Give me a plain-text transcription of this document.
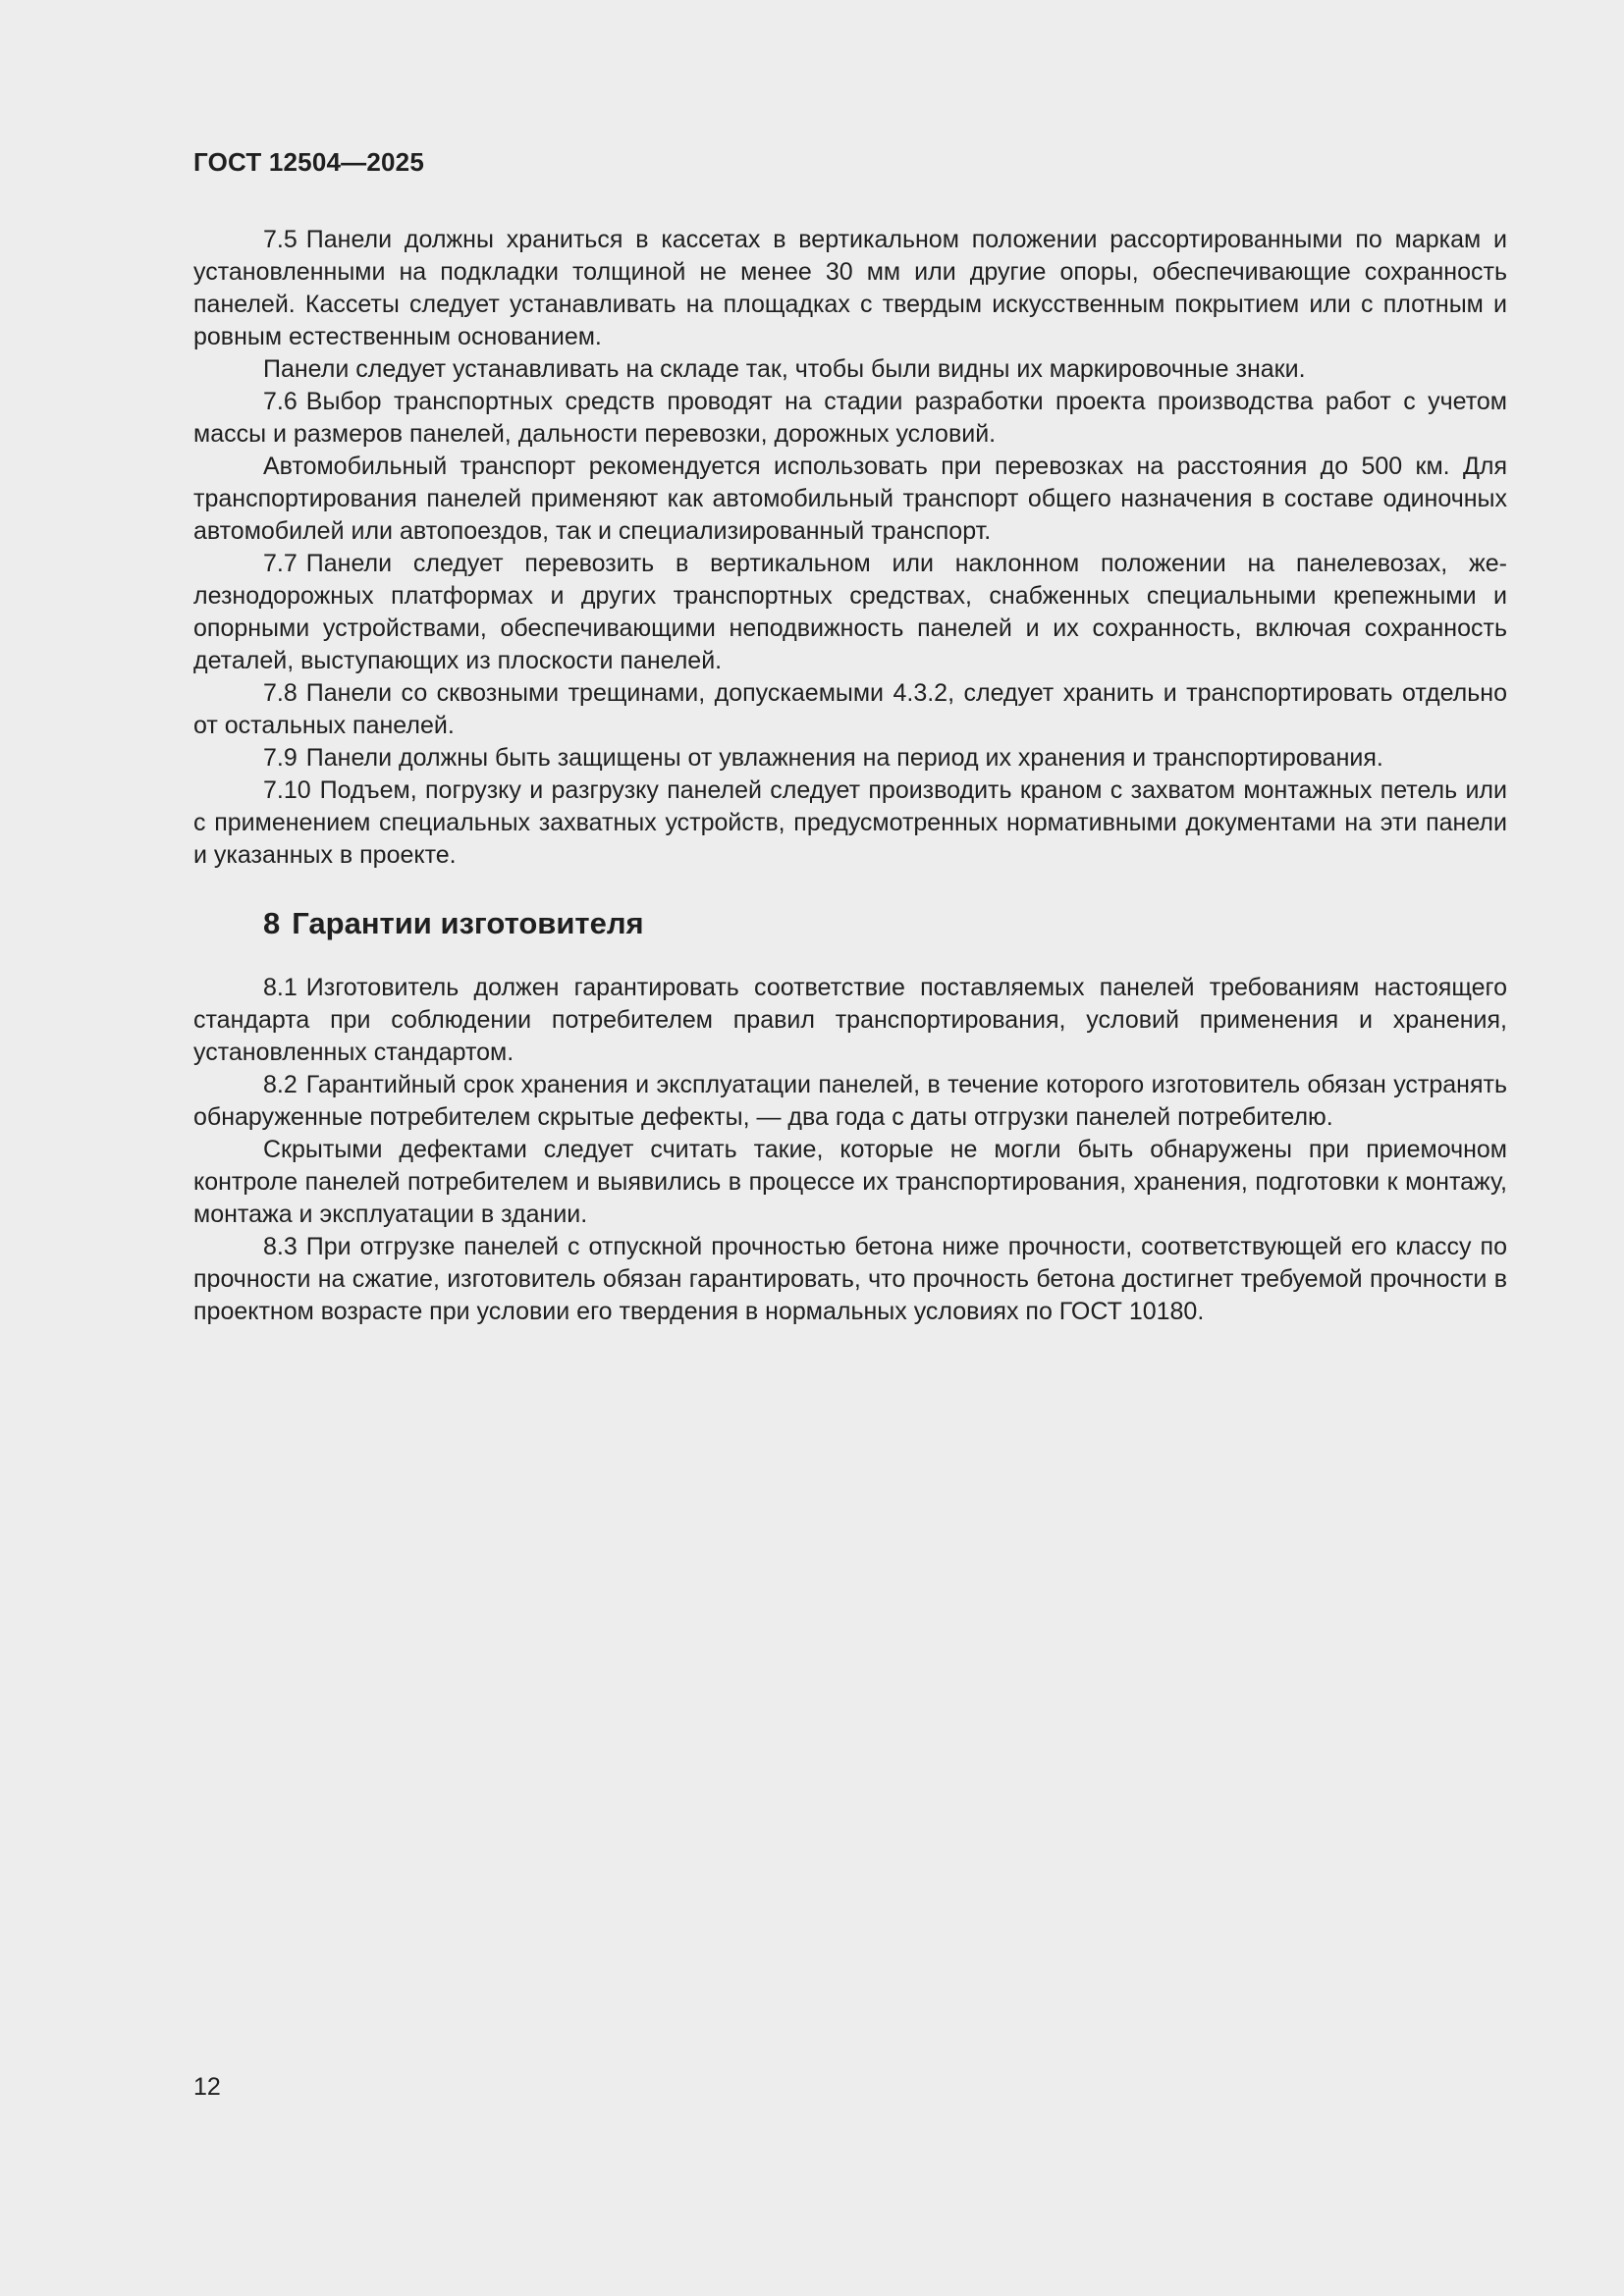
ГОСТ 12504—2025

7.5 Панели должны храниться в кассетах в вертикальном положении рассортированными по маркам и установленными на подкладки толщиной не менее 30 мм или другие опоры, обеспечивающие сохранность панелей. Кассеты следует устанавливать на площадках с твердым искусственным покрытием или с плотным и ровным естественным основанием.

Панели следует устанавливать на складе так, чтобы были видны их маркировочные знаки.

7.6 Выбор транспортных средств проводят на стадии разработки проекта производства работ с учетом массы и размеров панелей, дальности перевозки, дорожных условий.

Автомобильный транспорт рекомендуется использовать при перевозках на расстояния до 500 км. Для транспортирования панелей применяют как автомобильный транспорт общего назначения в составе одиночных автомобилей или автопоездов, так и специализированный транспорт.

7.7 Панели следует перевозить в вертикальном или наклонном положении на панелевозах, железнодорожных платформах и других транспортных средствах, снабженных специальными крепежными и опорными устройствами, обеспечивающими неподвижность панелей и их сохранность, включая сохранность деталей, выступающих из плоскости панелей.

7.8 Панели со сквозными трещинами, допускаемыми 4.3.2, следует хранить и транспортировать отдельно от остальных панелей.

7.9 Панели должны быть защищены от увлажнения на период их хранения и транспортирования.

7.10 Подъем, погрузку и разгрузку панелей следует производить краном с захватом монтажных петель или с применением специальных захватных устройств, предусмотренных нормативными документами на эти панели и указанных в проекте.

8 Гарантии изготовителя

8.1 Изготовитель должен гарантировать соответствие поставляемых панелей требованиям настоящего стандарта при соблюдении потребителем правил транспортирования, условий применения и хранения, установленных стандартом.

8.2 Гарантийный срок хранения и эксплуатации панелей, в течение которого изготовитель обязан устранять обнаруженные потребителем скрытые дефекты, — два года с даты отгрузки панелей потребителю.

Скрытыми дефектами следует считать такие, которые не могли быть обнаружены при приемочном контроле панелей потребителем и выявились в процессе их транспортирования, хранения, подготовки к монтажу, монтажа и эксплуатации в здании.

8.3 При отгрузке панелей с отпускной прочностью бетона ниже прочности, соответствующей его классу по прочности на сжатие, изготовитель обязан гарантировать, что прочность бетона достигнет требуемой прочности в проектном возрасте при условии его твердения в нормальных условиях по ГОСТ 10180.

12
